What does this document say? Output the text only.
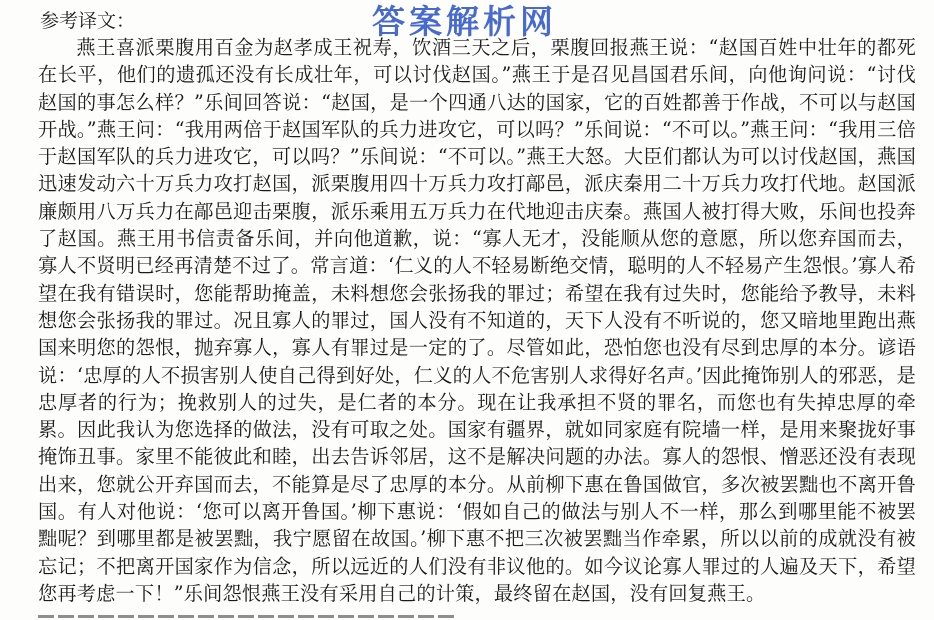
参考译文：	答案解析网

燕王喜派栗腹用百金为赵孝成王祝寿，饮酒三天之后，栗腹回报燕王说：“赵国百姓中壮年的都死在长平，他们的遗孤还没有长成壮年，可以讨伐赵国。”燕王于是召见昌国君乐间，向他询问说：“讨伐赵国的事怎么样？”乐间回答说：“赵国，是一个四通八达的国家，它的百姓都善于作战，不可以与赵国开战。”燕王问：“我用两倍于赵国军队的兵力进攻它，可以吗？”乐间说：“不可以。”燕王问：“我用三倍于赵国军队的兵力进攻它，可以吗？”乐间说：“不可以。”燕王大怒。大臣们都认为可以讨伐赵国，燕国迅速发动六十万兵力攻打赵国，派栗腹用四十万兵力攻打鄗邑，派庆秦用二十万兵力攻打代地。赵国派廉颇用八万兵力在鄗邑迎击栗腹，派乐乘用五万兵力在代地迎击庆秦。燕国人被打得大败，乐间也投奔了赵国。燕王用书信责备乐间，并向他道歉，说：“寡人无才，没能顺从您的意愿，所以您弃国而去，寡人不贤明已经再清楚不过了。常言道：‘仁义的人不轻易断绝交情，聪明的人不轻易产生怨恨。’寡人希望在我有错误时，您能帮助掩盖，未料想您会张扬我的罪过；希望在我有过失时，您能给予教导，未料想您会张扬我的罪过。况且寡人的罪过，国人没有不知道的，天下人没有不听说的，您又暗地里跑出燕国来明您的怨恨，抛弃寡人，寡人有罪过是一定的了。尽管如此，恐怕您也没有尽到忠厚的本分。谚语说：‘忠厚的人不损害别人使自己得到好处，仁义的人不危害别人求得好名声。’因此掩饰别人的邪恶，是忠厚者的行为；挽救别人的过失，是仁者的本分。现在让我承担不贤的罪名，而您也有失掉忠厚的牵累。因此我认为您选择的做法，没有可取之处。国家有疆界，就如同家庭有院墙一样，是用来聚拢好事掩饰丑事。家里不能彼此和睦，出去告诉邻居，这不是解决问题的办法。寡人的怨恨、憎恶还没有表现出来，您就公开弃国而去，不能算是尽了忠厚的本分。从前柳下惠在鲁国做官，多次被罢黜也不离开鲁国。有人对他说：‘您可以离开鲁国。’柳下惠说：‘假如自己的做法与别人不一样，那么到哪里能不被罢黜呢？到哪里都是被罢黜，我宁愿留在故国。’柳下惠不把三次被罢黜当作牵累，所以以前的成就没有被忘记；不把离开国家作为信念，所以远近的人们没有非议他的。如今议论寡人罪过的人遍及天下，希望您再考虑一下！”乐间怨恨燕王没有采用自己的计策，最终留在赵国，没有回复燕王。
